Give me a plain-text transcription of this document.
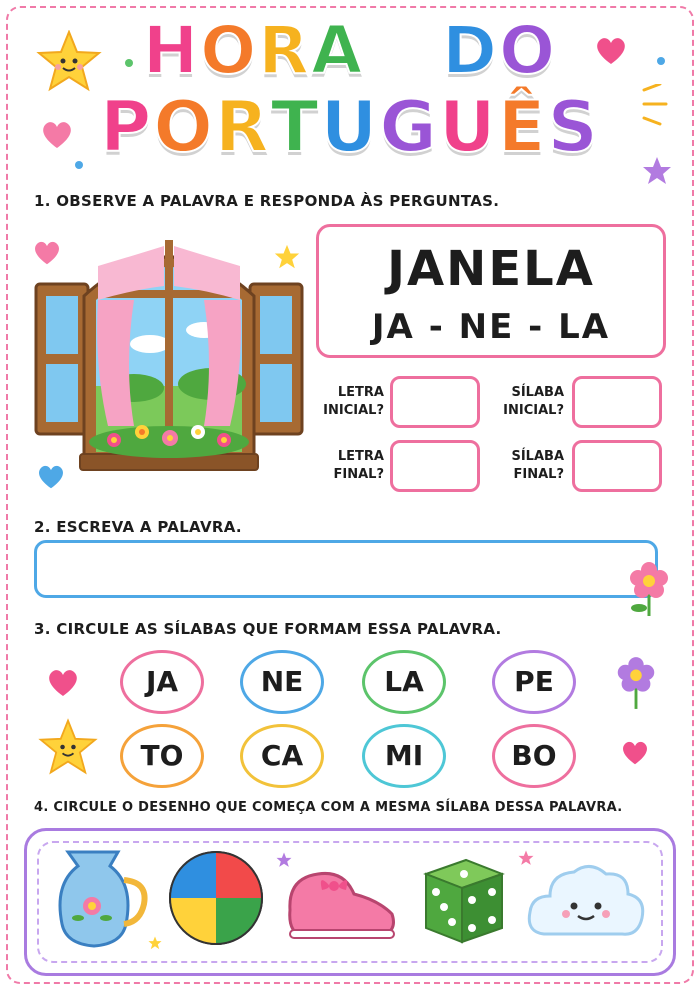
HORA DO
PORTUGUÊS
1. OBSERVE A PALAVRA E RESPONDA ÀS PERGUNTAS.
JANELA
JA - NE - LA
LETRA
INICIAL?
SÍLABA
INICIAL?
LETRA
FINAL?
SÍLABA
FINAL?
2. ESCREVA A PALAVRA.
3. CIRCULE AS SÍLABAS QUE FORMAM ESSA PALAVRA.
JA	NE	LA	PE
TO	CA	MI	BO
4. CIRCULE O DESENHO QUE COMEÇA COM A MESMA SÍLABA DESSA PALAVRA.
